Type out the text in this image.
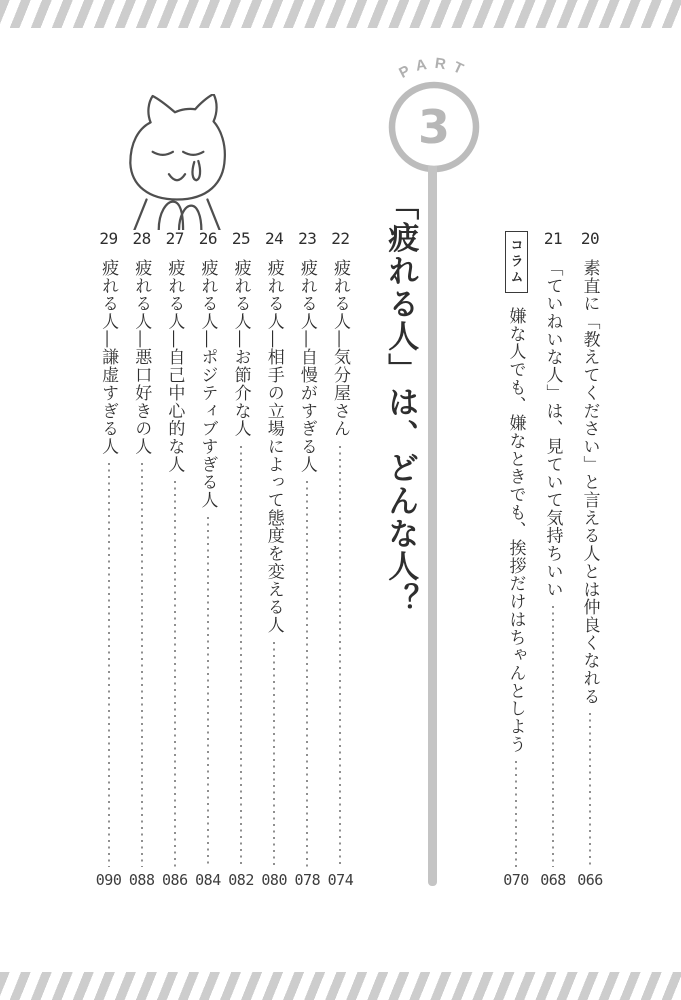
PART
3
「疲れる人」は、どんな人？	20
素直に「教えてください」と言える人とは仲良くなれる
066
21
「ていねいな人」は、見ていて気持ちいい
068
コラム
嫌な人でも、嫌なときでも、挨拶だけはちゃんとしよう
070
22
疲れる人―気分屋さん
074
23
疲れる人―自慢がすぎる人
078
24
疲れる人―相手の立場によって態度を変える人
080
25
疲れる人―お節介な人
082
26
疲れる人―ポジティブすぎる人
084
27
疲れる人―自己中心的な人
086
28
疲れる人―悪口好きの人
088
29
疲れる人―謙虚すぎる人
090
